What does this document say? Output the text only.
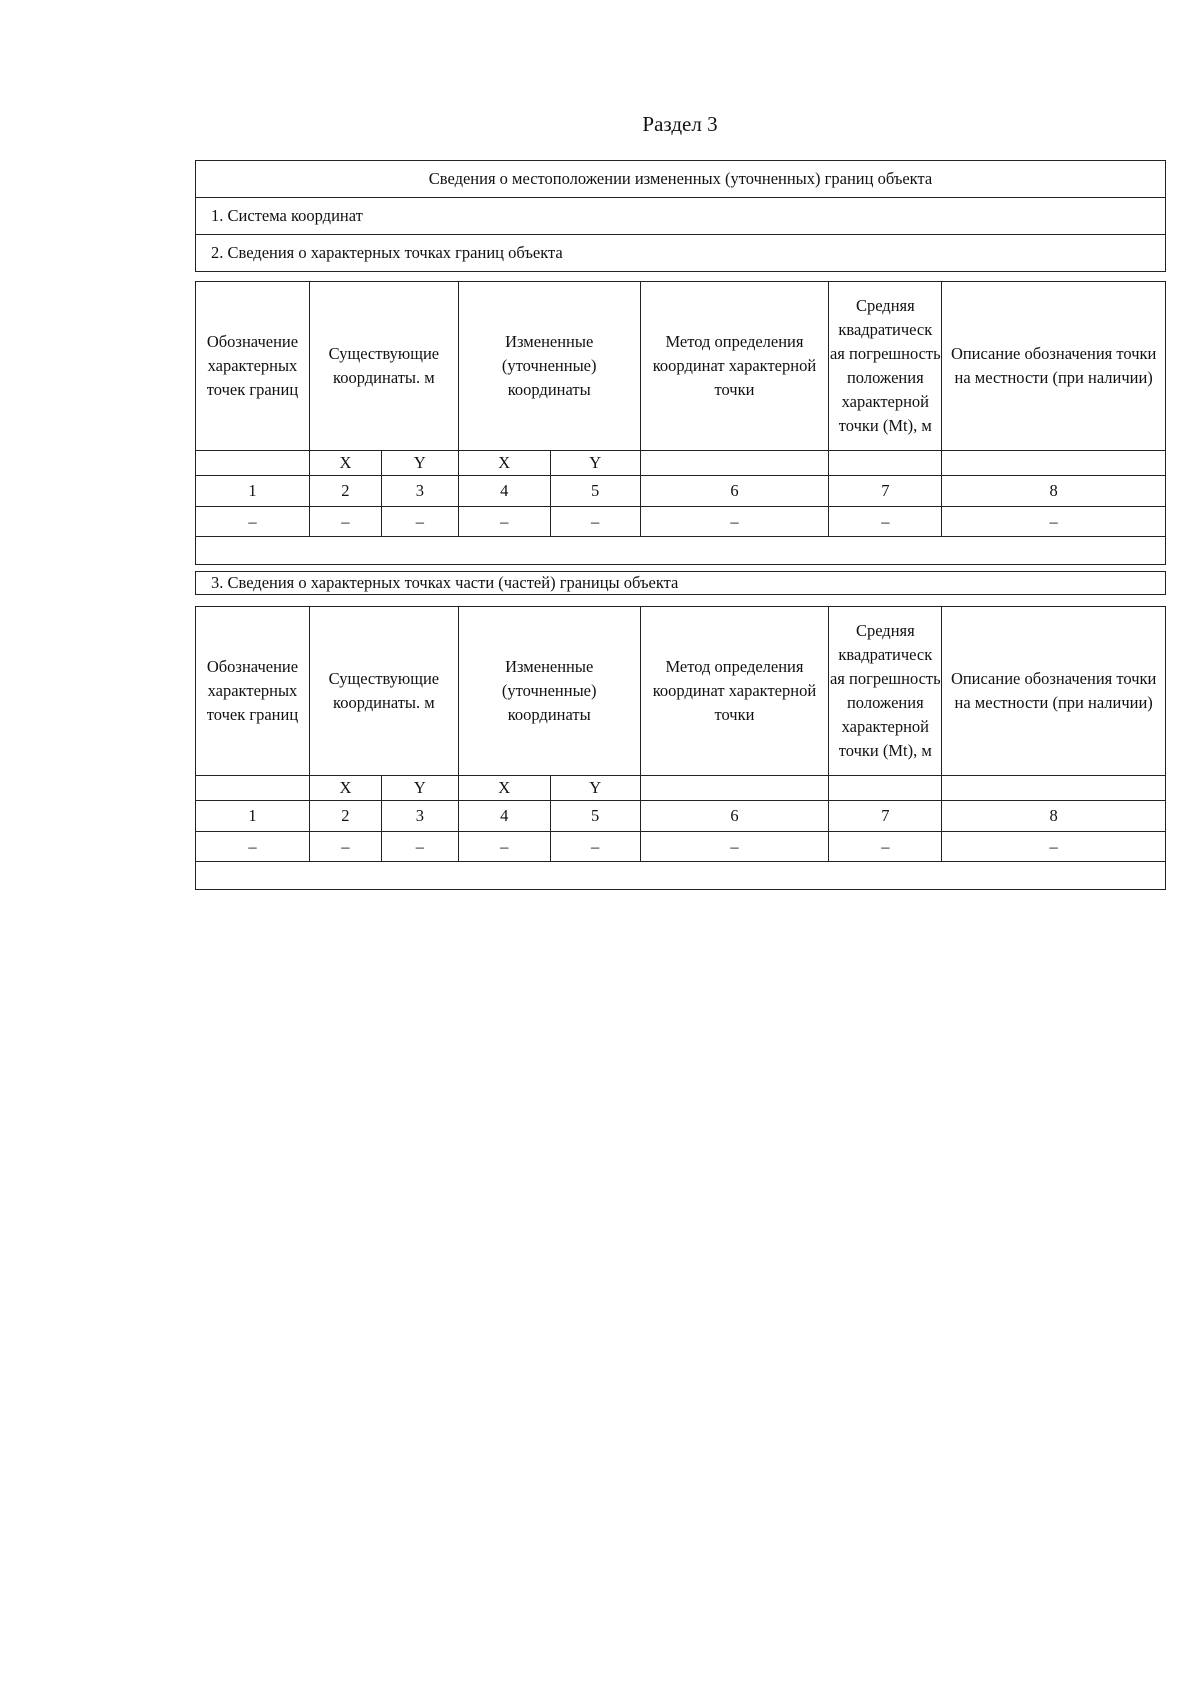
Раздел 3
Сведения о местоположении измененных (уточненных) границ объекта
1. Система координат
2. Сведения о характерных точках границ объекта
Обозначение характерных точек границ	Существующие координаты. м		Измененные (уточненные) координаты		Метод определения координат характерной точки	Средняя квадратическ ая погрешность положения характерной точки (Mt), м	Описание обозначения точки на местности (при наличии)
	X	Y	X	Y			
1	2	3	4	5	6	7	8
–	–	–	–	–	–	–	–

3. Сведения о характерных точках части (частей) границы объекта
Обозначение характерных точек границ	Существующие координаты. м		Измененные (уточненные) координаты		Метод определения координат характерной точки	Средняя квадратическ ая погрешность положения характерной точки (Mt), м	Описание обозначения точки на местности (при наличии)
	X	Y	X	Y			
1	2	3	4	5	6	7	8
–	–	–	–	–	–	–	–
